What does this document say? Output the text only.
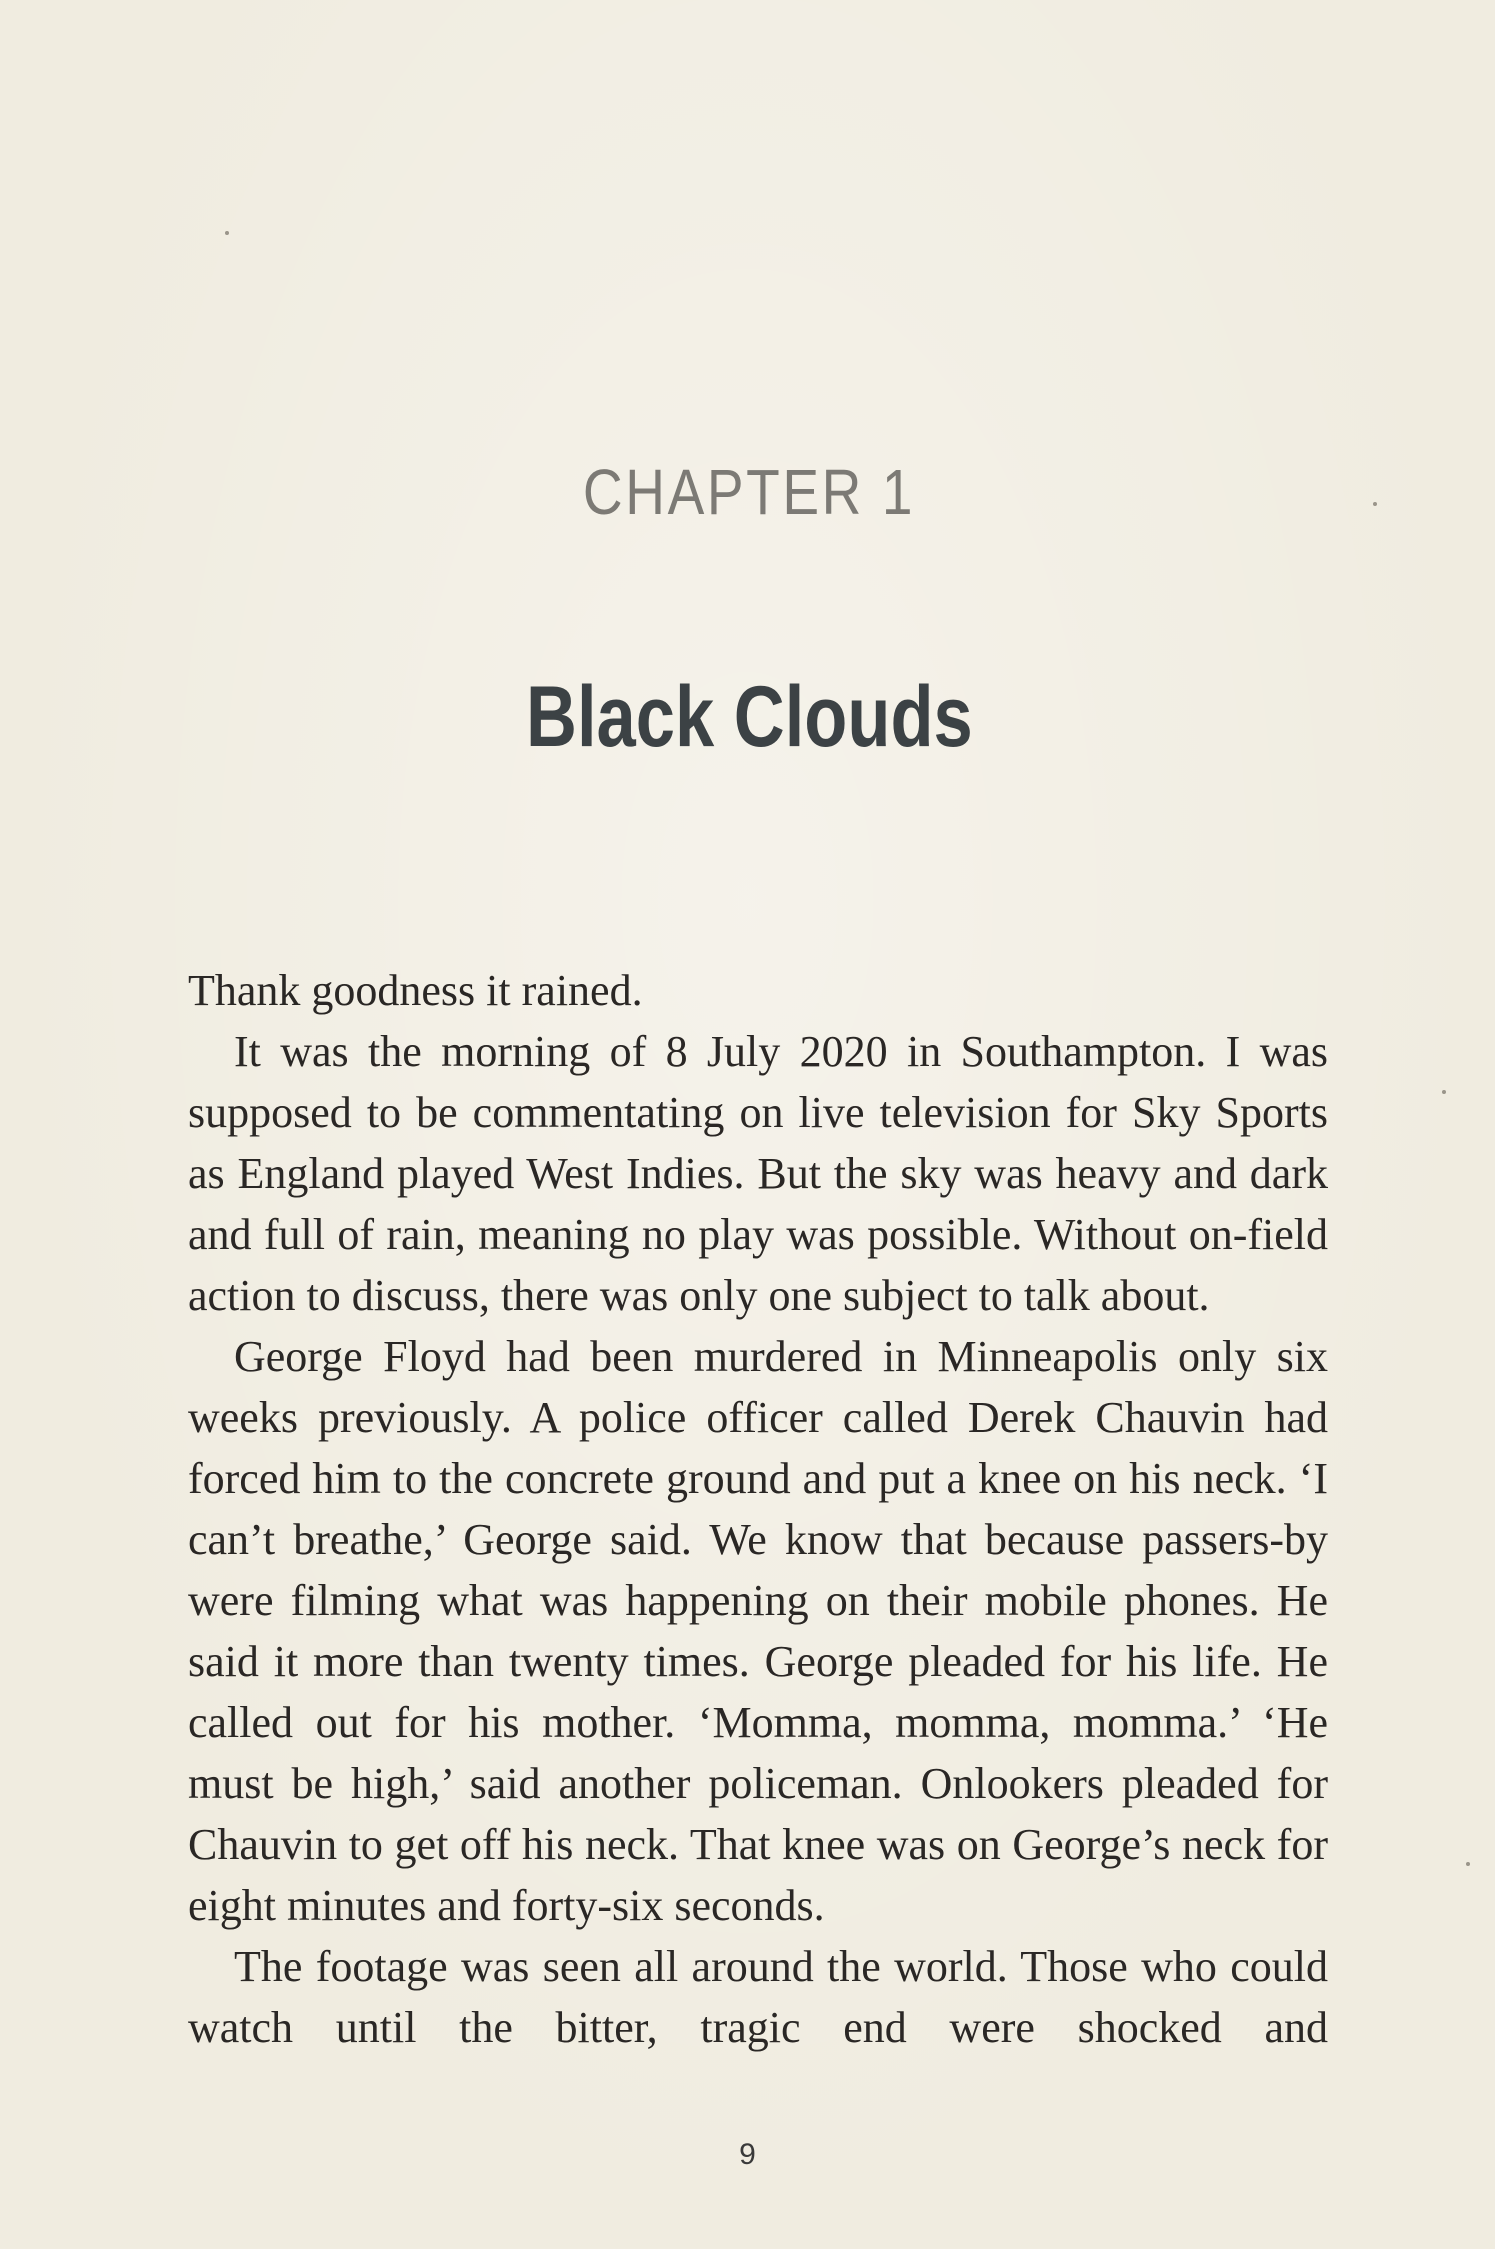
CHAPTER 1
Black Clouds

Thank goodness it rained.

It was the morning of 8 July 2020 in Southampton. I was supposed to be commentating on live television for Sky Sports as England played West Indies. But the sky was heavy and dark and full of rain, meaning no play was possible. Without on-field action to discuss, there was only one subject to talk about.

George Floyd had been murdered in Minneapolis only six weeks previously. A police officer called Derek Chauvin had forced him to the concrete ground and put a knee on his neck. ‘I can’t breathe,’ George said. We know that because passers-by were filming what was happening on their mobile phones. He said it more than twenty times. George pleaded for his life. He called out for his mother. ‘Momma, momma, momma.’ ‘He must be high,’ said another policeman. Onlookers pleaded for Chauvin to get off his neck. That knee was on George’s neck for eight minutes and forty-six seconds.

The footage was seen all around the world. Those who could watch until the bitter, tragic end were shocked and

9
